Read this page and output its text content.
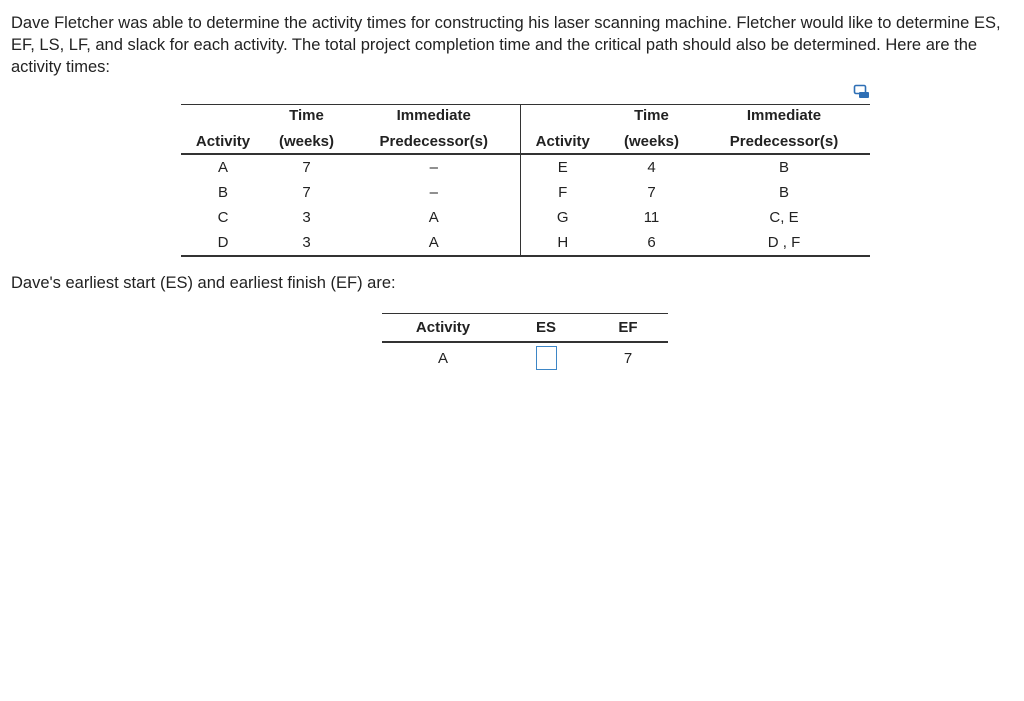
Dave Fletcher was able to determine the activity times for constructing his laser scanning machine. Fletcher would like to determine ES, EF, LS, LF, and slack for each activity. The total project completion time and the critical path should also be determined. Here are the activity times:

	Time	Immediate		Time	Immediate
Activity	(weeks)	Predecessor(s)	Activity	(weeks)	Predecessor(s)
A	7	–	E	4	B
B	7	–	F	7	B
C	3	A	G	11	C, E
D	3	A	H	6	D , F

Dave's earliest start (ES) and earliest finish (EF) are:

Activity	ES	EF
A		7
